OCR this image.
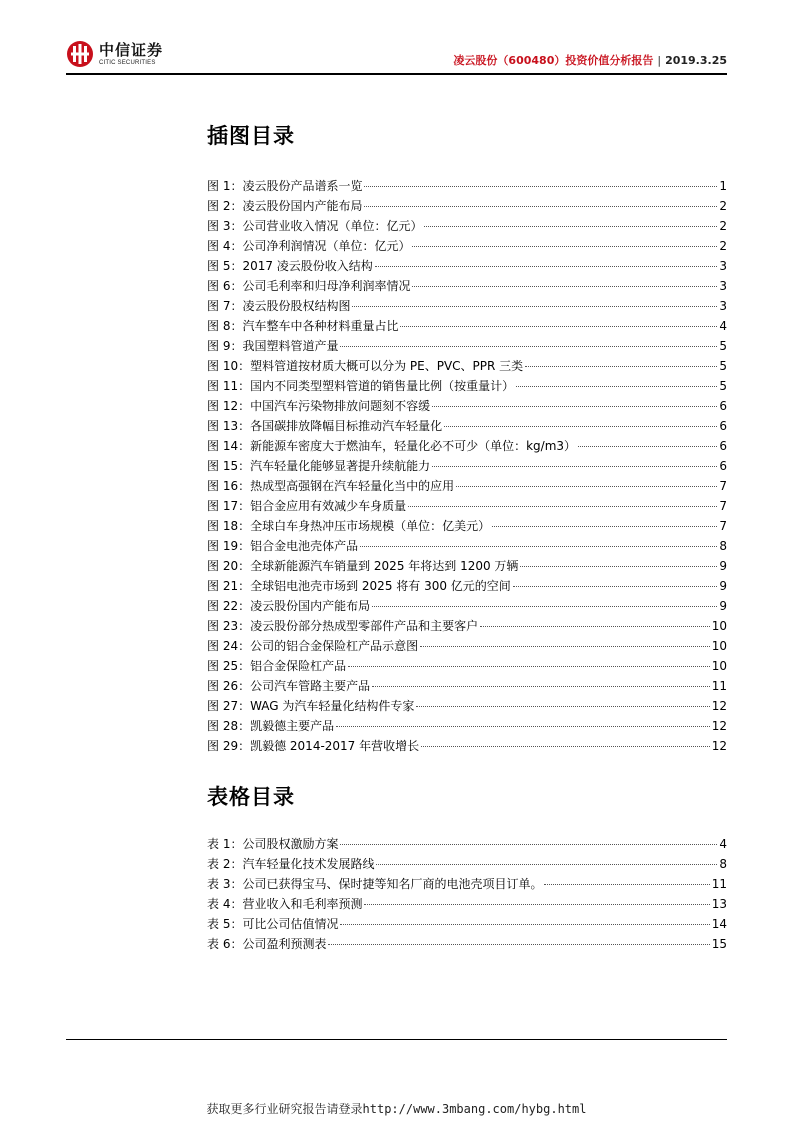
中信证券
CITIC SECURITIES	凌云股份（600480）投资价值分析报告 | 2019.3.25
插图目录
图 1： 凌云股份产品谱系一览	1
图 2： 凌云股份国内产能布局	2
图 3： 公司营业收入情况（单位：亿元）	2
图 4： 公司净利润情况（单位：亿元）	2
图 5： 2017 凌云股份收入结构	3
图 6： 公司毛利率和归母净利润率情况	3
图 7： 凌云股份股权结构图	3
图 8： 汽车整车中各种材料重量占比	4
图 9： 我国塑料管道产量	5
图 10： 塑料管道按材质大概可以分为 PE、PVC、PPR 三类	5
图 11： 国内不同类型塑料管道的销售量比例（按重量计）	5
图 12： 中国汽车污染物排放问题刻不容缓	6
图 13： 各国碳排放降幅目标推动汽车轻量化	6
图 14： 新能源车密度大于燃油车，轻量化必不可少（单位：kg/m3）	6
图 15： 汽车轻量化能够显著提升续航能力	6
图 16： 热成型高强钢在汽车轻量化当中的应用	7
图 17： 铝合金应用有效减少车身质量	7
图 18： 全球白车身热冲压市场规模（单位：亿美元）	7
图 19： 铝合金电池壳体产品	8
图 20： 全球新能源汽车销量到 2025 年将达到 1200 万辆	9
图 21： 全球铝电池壳市场到 2025 将有 300 亿元的空间	9
图 22： 凌云股份国内产能布局	9
图 23： 凌云股份部分热成型零部件产品和主要客户	10
图 24： 公司的铝合金保险杠产品示意图	10
图 25： 铝合金保险杠产品	10
图 26： 公司汽车管路主要产品	11
图 27： WAG 为汽车轻量化结构件专家	12
图 28： 凯毅德主要产品	12
图 29： 凯毅德 2014-2017 年营收增长	12
表格目录
表 1： 公司股权激励方案	4
表 2： 汽车轻量化技术发展路线	8
表 3： 公司已获得宝马、保时捷等知名厂商的电池壳项目订单。	11
表 4： 营业收入和毛利率预测	13
表 5： 可比公司估值情况	14
表 6： 公司盈利预测表	15
获取更多行业研究报告请登录http://www.3mbang.com/hybg.html
